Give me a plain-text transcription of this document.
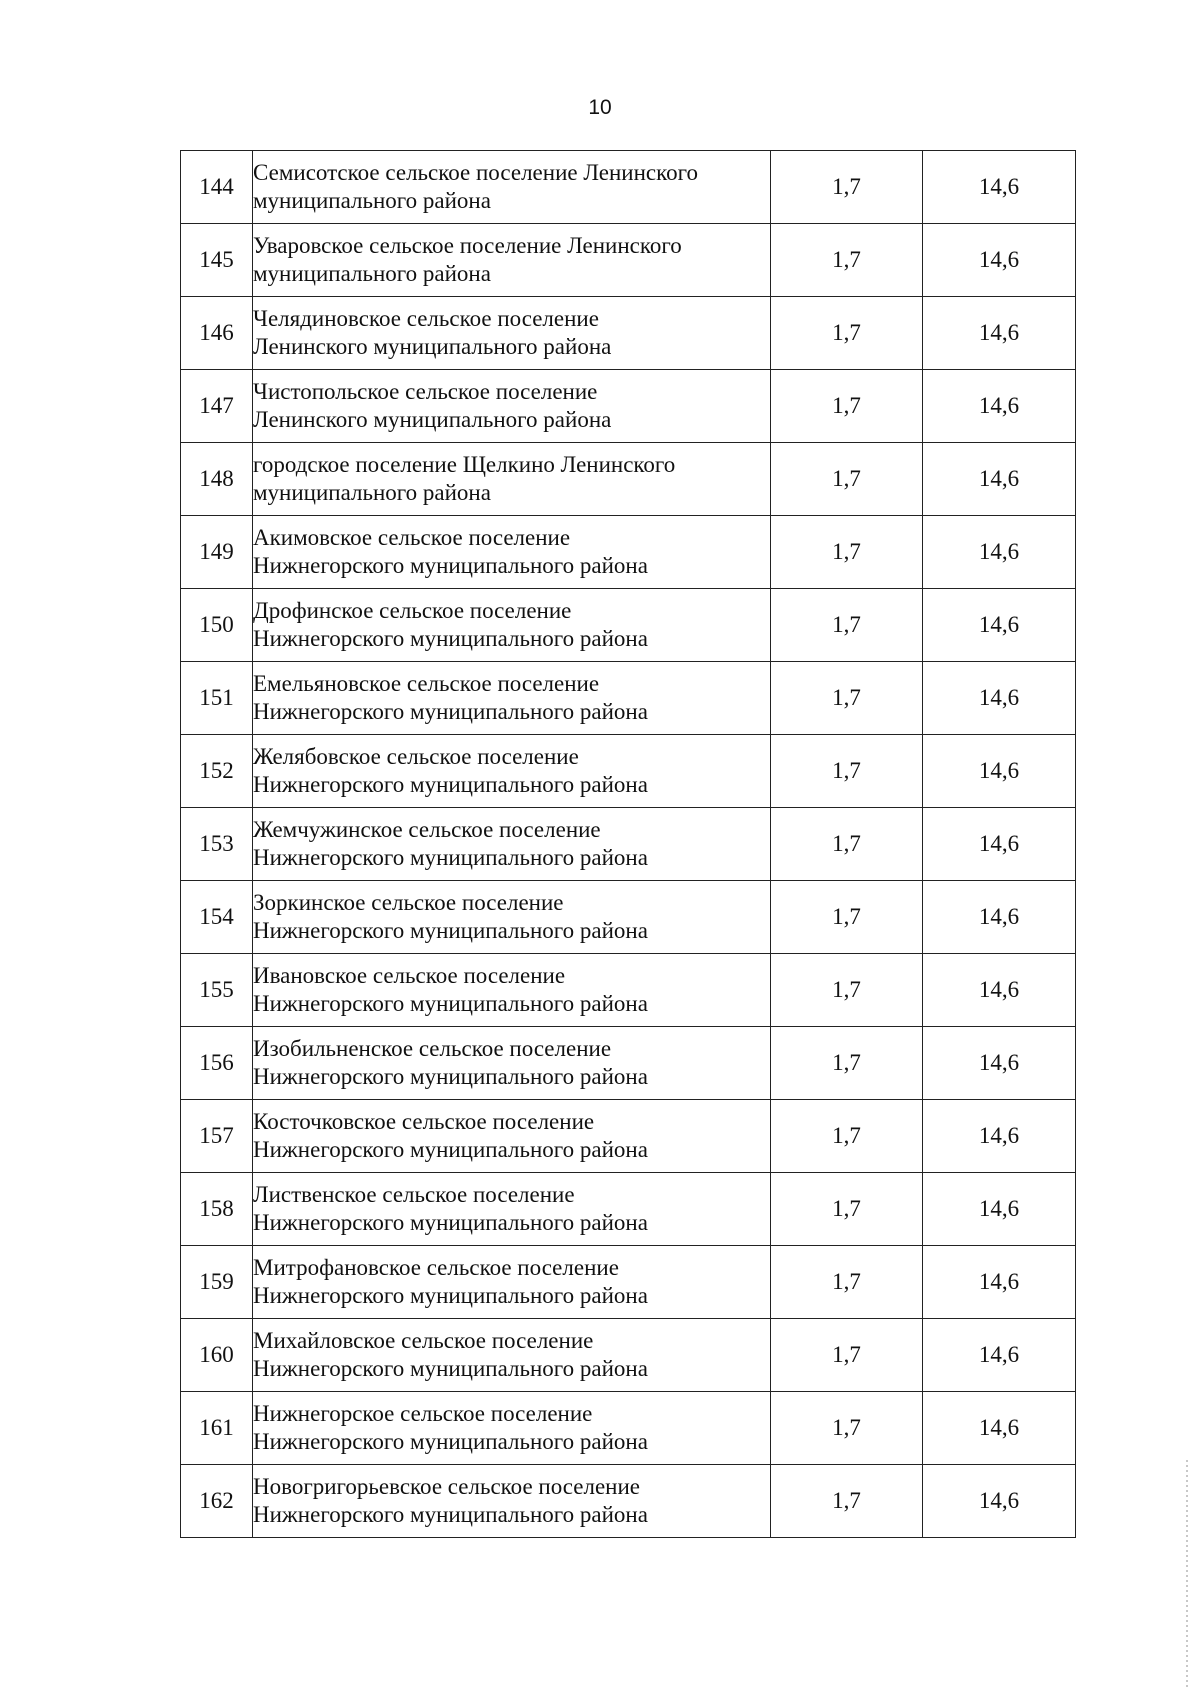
10
144	Семисотское сельское поселение Ленинского
муниципального района	1,7	14,6
145	Уваровское сельское поселение Ленинского
муниципального района	1,7	14,6
146	Челядиновское сельское поселение
Ленинского муниципального района	1,7	14,6
147	Чистопольское сельское поселение
Ленинского муниципального района	1,7	14,6
148	городское поселение Щелкино Ленинского
муниципального района	1,7	14,6
149	Акимовское сельское поселение
Нижнегорского муниципального района	1,7	14,6
150	Дрофинское сельское поселение
Нижнегорского муниципального района	1,7	14,6
151	Емельяновское сельское поселение
Нижнегорского муниципального района	1,7	14,6
152	Желябовское сельское поселение
Нижнегорского муниципального района	1,7	14,6
153	Жемчужинское сельское поселение
Нижнегорского муниципального района	1,7	14,6
154	Зоркинское сельское поселение
Нижнегорского муниципального района	1,7	14,6
155	Ивановское сельское поселение
Нижнегорского муниципального района	1,7	14,6
156	Изобильненское сельское поселение
Нижнегорского муниципального района	1,7	14,6
157	Косточковское сельское поселение
Нижнегорского муниципального района	1,7	14,6
158	Лиственское сельское поселение
Нижнегорского муниципального района	1,7	14,6
159	Митрофановское сельское поселение
Нижнегорского муниципального района	1,7	14,6
160	Михайловское сельское поселение
Нижнегорского муниципального района	1,7	14,6
161	Нижнегорское сельское поселение
Нижнегорского муниципального района	1,7	14,6
162	Новогригорьевское сельское поселение
Нижнегорского муниципального района	1,7	14,6
